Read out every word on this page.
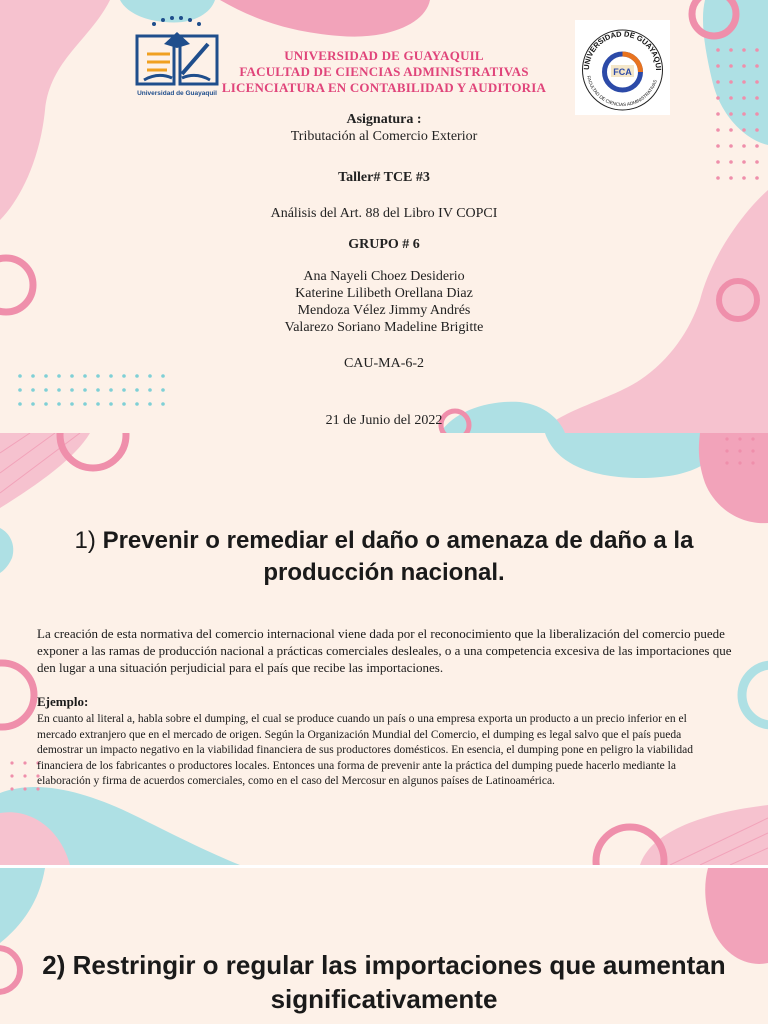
Universidad de Guayaquil
UNIVERSIDAD DE GUAYAQUI
FACULTAD DE CIENCIAS ADMINISTRATIVAS
FCA
UNIVERSIDAD DE GUAYAQUIL
FACULTAD DE CIENCIAS ADMINISTRATIVAS
LICENCIATURA EN CONTABILIDAD Y AUDITORIA
Asignatura :
Tributación al Comercio Exterior
Taller# TCE #3
Análisis del Art. 88 del Libro IV COPCI
GRUPO # 6
Ana Nayeli Choez Desiderio
Katerine Lilibeth Orellana Diaz
Mendoza Vélez Jimmy Andrés
Valarezo Soriano Madeline Brigitte
CAU-MA-6-2
21 de Junio del 2022
1) Prevenir o remediar el daño o amenaza de daño a la producción nacional.
La creación de esta normativa del comercio internacional viene dada por el reconocimiento que la liberalización del comercio puede exponer a las ramas de producción nacional a prácticas comerciales desleales, o a una competencia excesiva de las importaciones que den lugar a una situación perjudicial para el país que recibe las importaciones.
Ejemplo:
En cuanto al literal a, habla sobre el dumping, el cual se produce cuando un país o una empresa exporta un producto a un precio inferior en el mercado extranjero que en el mercado de origen. Según la Organización Mundial del Comercio, el dumping es legal salvo que el país pueda demostrar un impacto negativo en la viabilidad financiera de sus productores domésticos. En esencia, el dumping pone en peligro la viabilidad financiera de los fabricantes o productores locales. Entonces una forma de prevenir ante la práctica del dumping puede hacerlo mediante la elaboración y firma de acuerdos comerciales, como en el caso del Mercosur en algunos países de Latinoamérica.
2) Restringir o regular las importaciones que aumentan significativamente
